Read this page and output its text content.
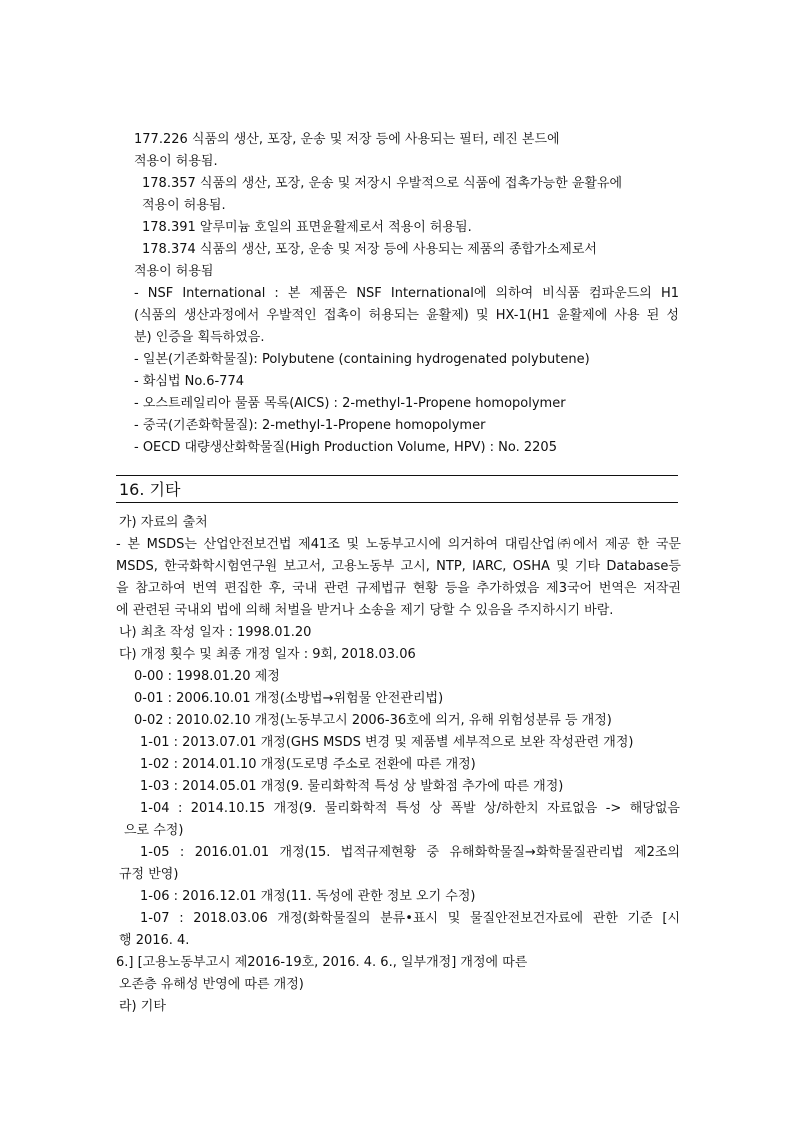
177.226 식품의 생산, 포장, 운송 및 저장 등에 사용되는 필터, 레진 본드에
적용이 허용됨.
178.357 식품의 생산, 포장, 운송 및 저장시 우발적으로 식품에 접촉가능한 윤활유에
적용이 허용됨.
178.391 알루미늄 호일의 표면윤활제로서 적용이 허용됨.
178.374 식품의 생산, 포장, 운송 및 저장 등에 사용되는 제품의 종합가소제로서
적용이 허용됨
- NSF International : 본 제품은 NSF International에 의하여 비식품 컴파운드의 H1
(식품의 생산과정에서 우발적인 접촉이 허용되는 윤활제) 및 HX-1(H1 윤활제에 사용 된 성
분) 인증을 획득하였음.
- 일본(기존화학물질): Polybutene (containing hydrogenated polybutene)
- 화심법 No.6-774
- 오스트레일리아 물품 목록(AICS) : 2-methyl-1-Propene homopolymer
- 중국(기존화학물질): 2-methyl-1-Propene homopolymer
- OECD 대량생산화학물질(High Production Volume, HPV) : No. 2205
16. 기타
가) 자료의 출처
- 본 MSDS는 산업안전보건법 제41조 및 노동부고시에 의거하여 대림산업㈜에서 제공 한 국문
MSDS, 한국화학시험연구원 보고서, 고용노동부 고시, NTP, IARC, OSHA 및 기타 Database등
을 참고하여 번역 편집한 후, 국내 관련 규제법규 현황 등을 추가하였음 제3국어 번역은 저작권
에 관련된 국내외 법에 의해 처벌을 받거나 소송을 제기 당할 수 있음을 주지하시기 바람.
나) 최초 작성 일자 : 1998.01.20
다) 개정 횟수 및 최종 개정 일자 : 9회, 2018.03.06
0-00 : 1998.01.20 제정
0-01 : 2006.10.01 개정(소방법→위험물 안전관리법)
0-02 : 2010.02.10 개정(노동부고시 2006-36호에 의거, 유해 위험성분류 등 개정)
1-01 : 2013.07.01 개정(GHS MSDS 변경 및 제품별 세부적으로 보완 작성관련 개정)
1-02 : 2014.01.10 개정(도로명 주소로 전환에 따른 개정)
1-03 : 2014.05.01 개정(9. 물리화학적 특성 상 발화점 추가에 따른 개정)
1-04 : 2014.10.15 개정(9. 물리화학적 특성 상 폭발 상/하한치 자료없음 -> 해당없음
으로 수정)
1-05 : 2016.01.01 개정(15. 법적규제현황 중 유해화학물질→화학물질관리법 제2조의
규정 반영)
1-06 : 2016.12.01 개정(11. 독성에 관한 정보 오기 수정)
1-07 : 2018.03.06 개정(화학물질의 분류•표시 및 물질안전보건자료에 관한 기준 [시
행 2016. 4.
6.] [고용노동부고시 제2016-19호, 2016. 4. 6., 일부개정] 개정에 따른
오존층 유해성 반영에 따른 개정)
라) 기타
